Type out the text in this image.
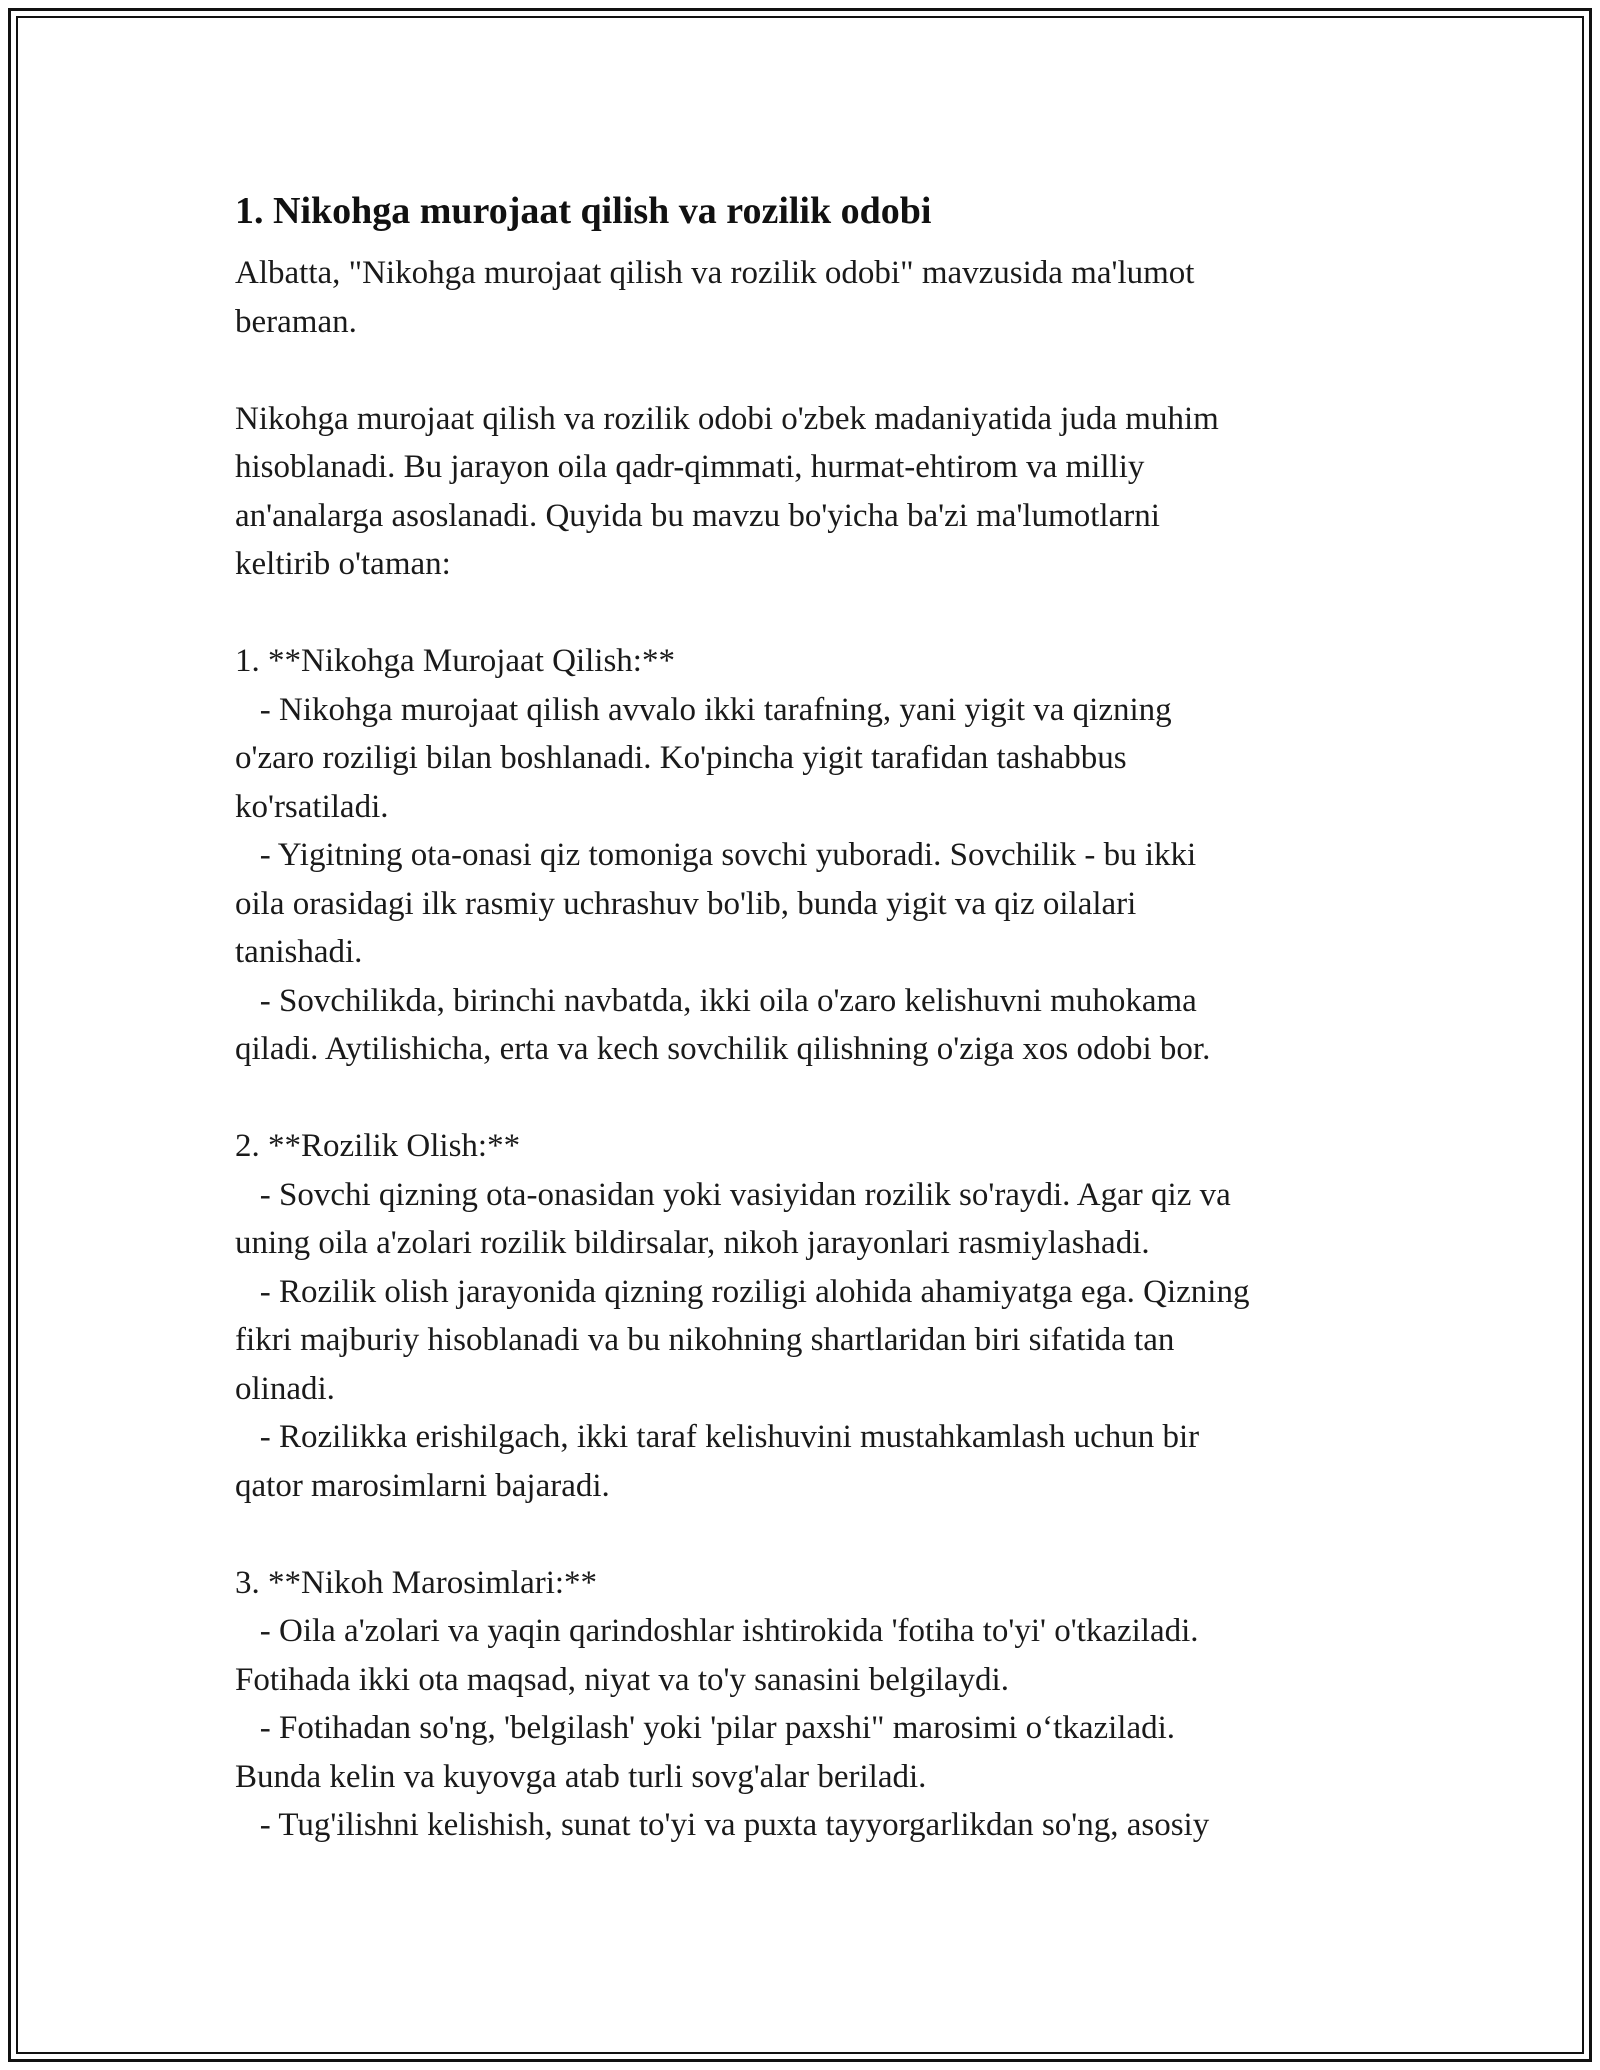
1. Nikohga murojaat qilish va rozilik odobi

Albatta, "Nikohga murojaat qilish va rozilik odobi" mavzusida ma'lumot
beraman.

Nikohga murojaat qilish va rozilik odobi o'zbek madaniyatida juda muhim
hisoblanadi. Bu jarayon oila qadr-qimmati, hurmat-ehtirom va milliy
an'analarga asoslanadi. Quyida bu mavzu bo'yicha ba'zi ma'lumotlarni
keltirib o'taman:

1. **Nikohga Murojaat Qilish:**
- Nikohga murojaat qilish avvalo ikki tarafning, yani yigit va qizning
o'zaro roziligi bilan boshlanadi. Ko'pincha yigit tarafidan tashabbus
ko'rsatiladi.
- Yigitning ota-onasi qiz tomoniga sovchi yuboradi. Sovchilik - bu ikki
oila orasidagi ilk rasmiy uchrashuv bo'lib, bunda yigit va qiz oilalari
tanishadi.
- Sovchilikda, birinchi navbatda, ikki oila o'zaro kelishuvni muhokama
qiladi. Aytilishicha, erta va kech sovchilik qilishning o'ziga xos odobi bor.

2. **Rozilik Olish:**
- Sovchi qizning ota-onasidan yoki vasiyidan rozilik so'raydi. Agar qiz va
uning oila a'zolari rozilik bildirsalar, nikoh jarayonlari rasmiylashadi.
- Rozilik olish jarayonida qizning roziligi alohida ahamiyatga ega. Qizning
fikri majburiy hisoblanadi va bu nikohning shartlaridan biri sifatida tan
olinadi.
- Rozilikka erishilgach, ikki taraf kelishuvini mustahkamlash uchun bir
qator marosimlarni bajaradi.

3. **Nikoh Marosimlari:**
- Oila a'zolari va yaqin qarindoshlar ishtirokida 'fotiha to'yi' o'tkaziladi.
Fotihada ikki ota maqsad, niyat va to'y sanasini belgilaydi.
- Fotihadan so'ng, 'belgilash' yoki 'pilar paxshi" marosimi oʻtkaziladi.
Bunda kelin va kuyovga atab turli sovg'alar beriladi.
- Tug'ilishni kelishish, sunat to'yi va puxta tayyorgarlikdan so'ng, asosiy
